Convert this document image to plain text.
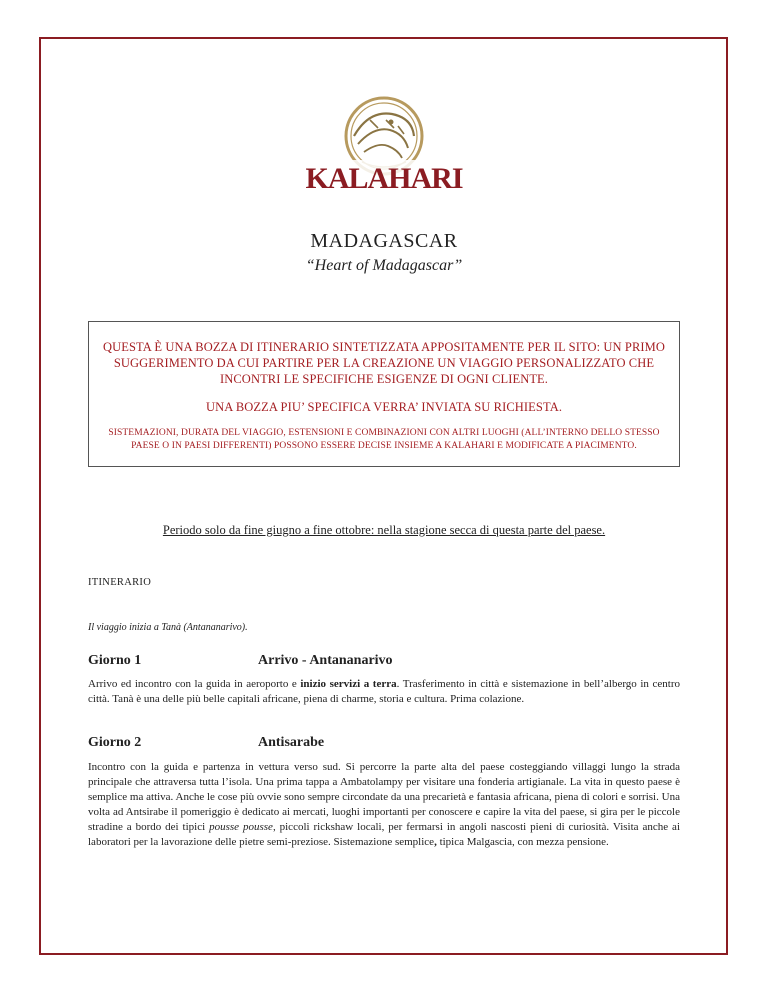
KALAHARI
MADAGASCAR
“Heart of Madagascar”
QUESTA È UNA BOZZA DI ITINERARIO SINTETIZZATA APPOSITAMENTE PER IL SITO: UN PRIMO SUGGERIMENTO DA CUI PARTIRE PER LA CREAZIONE UN VIAGGIO PERSONALIZZATO CHE INCONTRI LE SPECIFICHE ESIGENZE DI OGNI CLIENTE.
UNA BOZZA PIU’ SPECIFICA VERRA’ INVIATA SU RICHIESTA.
SISTEMAZIONI, DURATA DEL VIAGGIO, ESTENSIONI E COMBINAZIONI CON ALTRI LUOGHI (ALL’INTERNO DELLO STESSO PAESE O IN PAESI DIFFERENTI) POSSONO ESSERE DECISE INSIEME A KALAHARI E MODIFICATE A PIACIMENTO.
Periodo solo da fine giugno a fine ottobre: nella stagione secca di questa parte del paese.
ITINERARIO
Il viaggio inizia a Tanà (Antananarivo).
Giorno 1	Arrivo - Antananarivo
Arrivo ed incontro con la guida in aeroporto e inizio servizi a terra. Trasferimento in città e sistemazione in bell’albergo in centro città. Tanà è una delle più belle capitali africane, piena di charme, storia e cultura. Prima colazione.
Giorno 2	Antisarabe
Incontro con la guida e partenza in vettura verso sud. Si percorre la parte alta del paese costeggiando villaggi lungo la strada principale che attraversa tutta l’isola. Una prima tappa a Ambatolampy per visitare una fonderia artigianale. La vita in questo paese è semplice ma attiva. Anche le cose più ovvie sono sempre circondate da una precarietà e fantasia africana, piena di colori e sorrisi. Una volta ad Antsirabe il pomeriggio è dedicato ai mercati, luoghi importanti per conoscere e capire la vita del paese, si gira per le piccole stradine a bordo dei tipici pousse pousse, piccoli rickshaw locali, per fermarsi in angoli nascosti pieni di curiosità. Visita anche ai laboratori per la lavorazione delle pietre semi-preziose. Sistemazione semplice, tipica Malgascia, con mezza pensione.
